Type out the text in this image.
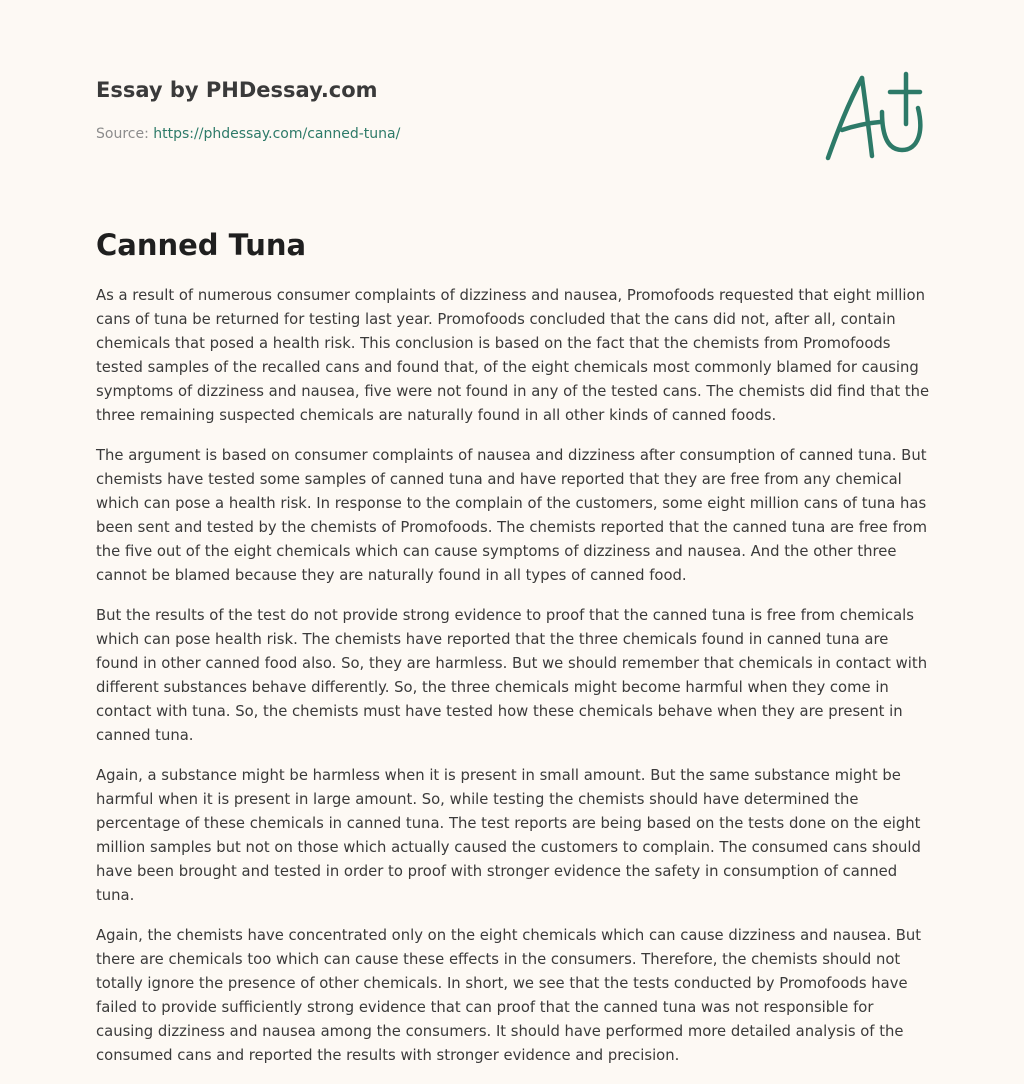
Essay by PHDessay.com
Source: https://phdessay.com/canned-tuna/
Canned Tuna

As a result of numerous consumer complaints of dizziness and nausea, Promofoods requested that eight million cans of tuna be returned for testing last year. Promofoods concluded that the cans did not, after all, contain chemicals that posed a health risk. This conclusion is based on the fact that the chemists from Promofoods tested samples of the recalled cans and found that, of the eight chemicals most commonly blamed for causing symptoms of dizziness and nausea, five were not found in any of the tested cans. The chemists did find that the three remaining suspected chemicals are naturally found in all other kinds of canned foods.

The argument is based on consumer complaints of nausea and dizziness after consumption of canned tuna. But chemists have tested some samples of canned tuna and have reported that they are free from any chemical which can pose a health risk. In response to the complain of the customers, some eight million cans of tuna has been sent and tested by the chemists of Promofoods. The chemists reported that the canned tuna are free from the five out of the eight chemicals which can cause symptoms of dizziness and nausea. And the other three cannot be blamed because they are naturally found in all types of canned food.

But the results of the test do not provide strong evidence to proof that the canned tuna is free from chemicals which can pose health risk. The chemists have reported that the three chemicals found in canned tuna are found in other canned food also. So, they are harmless. But we should remember that chemicals in contact with different substances behave differently. So, the three chemicals might become harmful when they come in contact with tuna. So, the chemists must have tested how these chemicals behave when they are present in canned tuna.

Again, a substance might be harmless when it is present in small amount. But the same substance might be harmful when it is present in large amount. So, while testing the chemists should have determined the percentage of these chemicals in canned tuna. The test reports are being based on the tests done on the eight million samples but not on those which actually caused the customers to complain. The consumed cans should have been brought and tested in order to proof with stronger evidence the safety in consumption of canned tuna.

Again, the chemists have concentrated only on the eight chemicals which can cause dizziness and nausea. But there are chemicals too which can cause these effects in the consumers. Therefore, the chemists should not totally ignore the presence of other chemicals. In short, we see that the tests conducted by Promofoods have failed to provide sufficiently strong evidence that can proof that the canned tuna was not responsible for causing dizziness and nausea among the consumers. It should have performed more detailed analysis of the consumed cans and reported the results with stronger evidence and precision.
